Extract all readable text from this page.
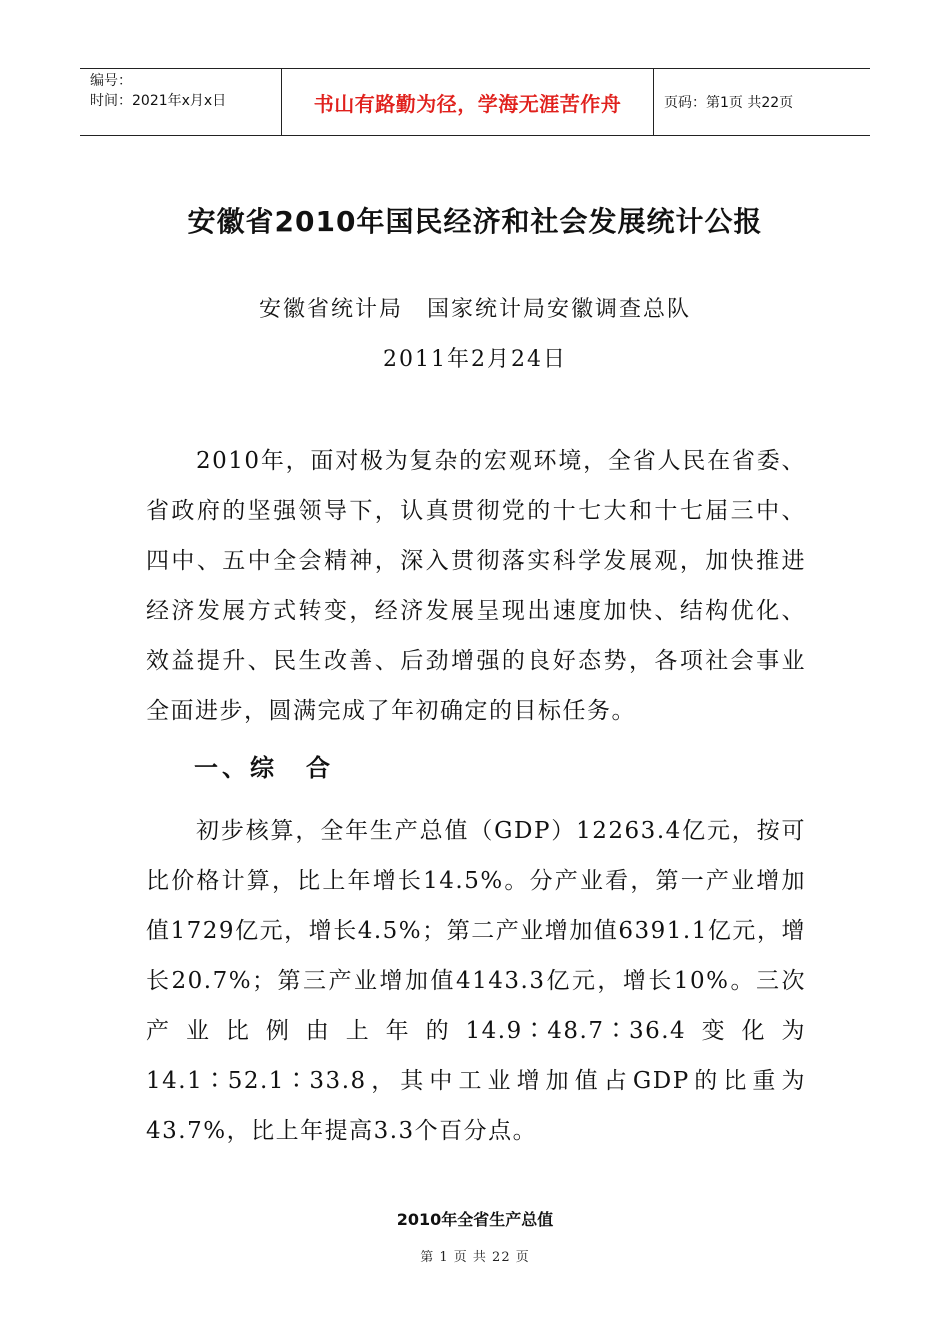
编号：
时间：2021年x月x日	书山有路勤为径，学海无涯苦作舟	页码：第1页 共22页
安徽省2010年国民经济和社会发展统计公报
安徽省统计局　国家统计局安徽调查总队
2011年2月24日
2010年，面对极为复杂的宏观环境，全省人民在省委、省政府的坚强领导下，认真贯彻党的十七大和十七届三中、四中、五中全会精神，深入贯彻落实科学发展观，加快推进经济发展方式转变，经济发展呈现出速度加快、结构优化、效益提升、民生改善、后劲增强的良好态势，各项社会事业全面进步，圆满完成了年初确定的目标任务。
一、综　合
初步核算，全年生产总值（GDP）12263.4亿元，按可比价格计算，比上年增长14.5%。分产业看，第一产业增加值1729亿元，增长4.5%；第二产业增加值6391.1亿元，增长20.7%；第三产业增加值4143.3亿元，增长10%。三次产业比例由上年的14.9∶48.7∶36.4变化为14.1∶52.1∶33.8，其中工业增加值占GDP的比重为43.7%，比上年提高3.3个百分点。
2010年全省生产总值
第 1 页 共 22 页
